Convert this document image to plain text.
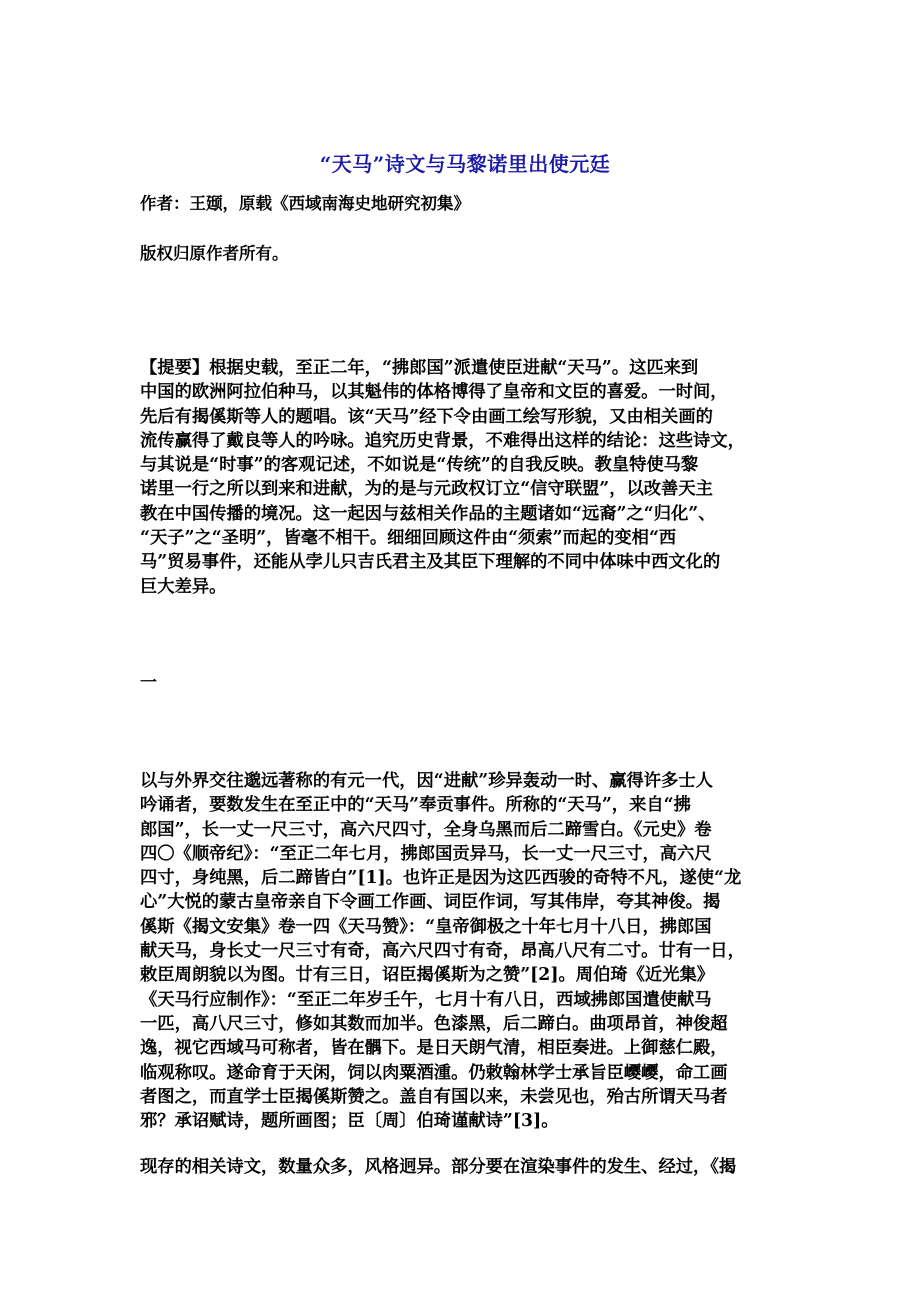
“天马”诗文与马黎诺里出使元廷
作者：王颋，原载《西域南海史地研究初集》
版权归原作者所有。
【提要】根据史载，至正二年，“拂郎国”派遣使臣进献“天马”。这匹来到
中国的欧洲阿拉伯种马，以其魁伟的体格博得了皇帝和文臣的喜爱。一时间，
先后有揭傒斯等人的题唱。该“天马”经下令由画工绘写形貌，又由相关画的
流传赢得了戴良等人的吟咏。追究历史背景，不难得出这样的结论：这些诗文，
与其说是“时事”的客观记述，不如说是“传统”的自我反映。教皇特使马黎
诺里一行之所以到来和进献，为的是与元政权订立“信守联盟”，以改善天主
教在中国传播的境况。这一起因与兹相关作品的主题诸如“远裔”之“归化”、
“天子”之“圣明”，皆毫不相干。细细回顾这件由“须索”而起的变相“西
马”贸易事件，还能从孛儿只吉氏君主及其臣下理解的不同中体味中西文化的
巨大差异。
一
以与外界交往邈远著称的有元一代，因“进献”珍异轰动一时、赢得许多士人
吟诵者，要数发生在至正中的“天马”奉贡事件。所称的“天马”，来自“拂
郎国”，长一丈一尺三寸，高六尺四寸，全身乌黑而后二蹄雪白。《元史》卷
四〇《顺帝纪》：“至正二年七月，拂郎国贡异马，长一丈一尺三寸，高六尺
四寸，身纯黑，后二蹄皆白”[1]。也许正是因为这匹西骏的奇特不凡，遂使“龙
心”大悦的蒙古皇帝亲自下令画工作画、词臣作词，写其伟岸，夸其神俊。揭
傒斯《揭文安集》卷一四《天马赞》：“皇帝御极之十年七月十八日，拂郎国
献天马，身长丈一尺三寸有奇，高六尺四寸有奇，昂高八尺有二寸。廿有一日，
敕臣周朗貌以为图。廿有三日，诏臣揭傒斯为之赞”[2]。周伯琦《近光集》
《天马行应制作》：“至正二年岁壬午，七月十有八日，西域拂郎国遣使献马
一匹，高八尺三寸，修如其数而加半。色漆黑，后二蹄白。曲项昂首，神俊超
逸，视它西域马可称者，皆在髃下。是日天朗气清，相臣奏进。上御慈仁殿，
临观称叹。遂命育于天闲，饲以肉粟酒湩。仍敕翰林学士承旨臣巎巎，命工画
者图之，而直学士臣揭傒斯赞之。盖自有国以来，未尝见也，殆古所谓天马者
邪？承诏赋诗，题所画图；臣〔周〕伯琦谨献诗”[3]。
现存的相关诗文，数量众多，风格迥异。部分要在渲染事件的发生、经过，《揭
